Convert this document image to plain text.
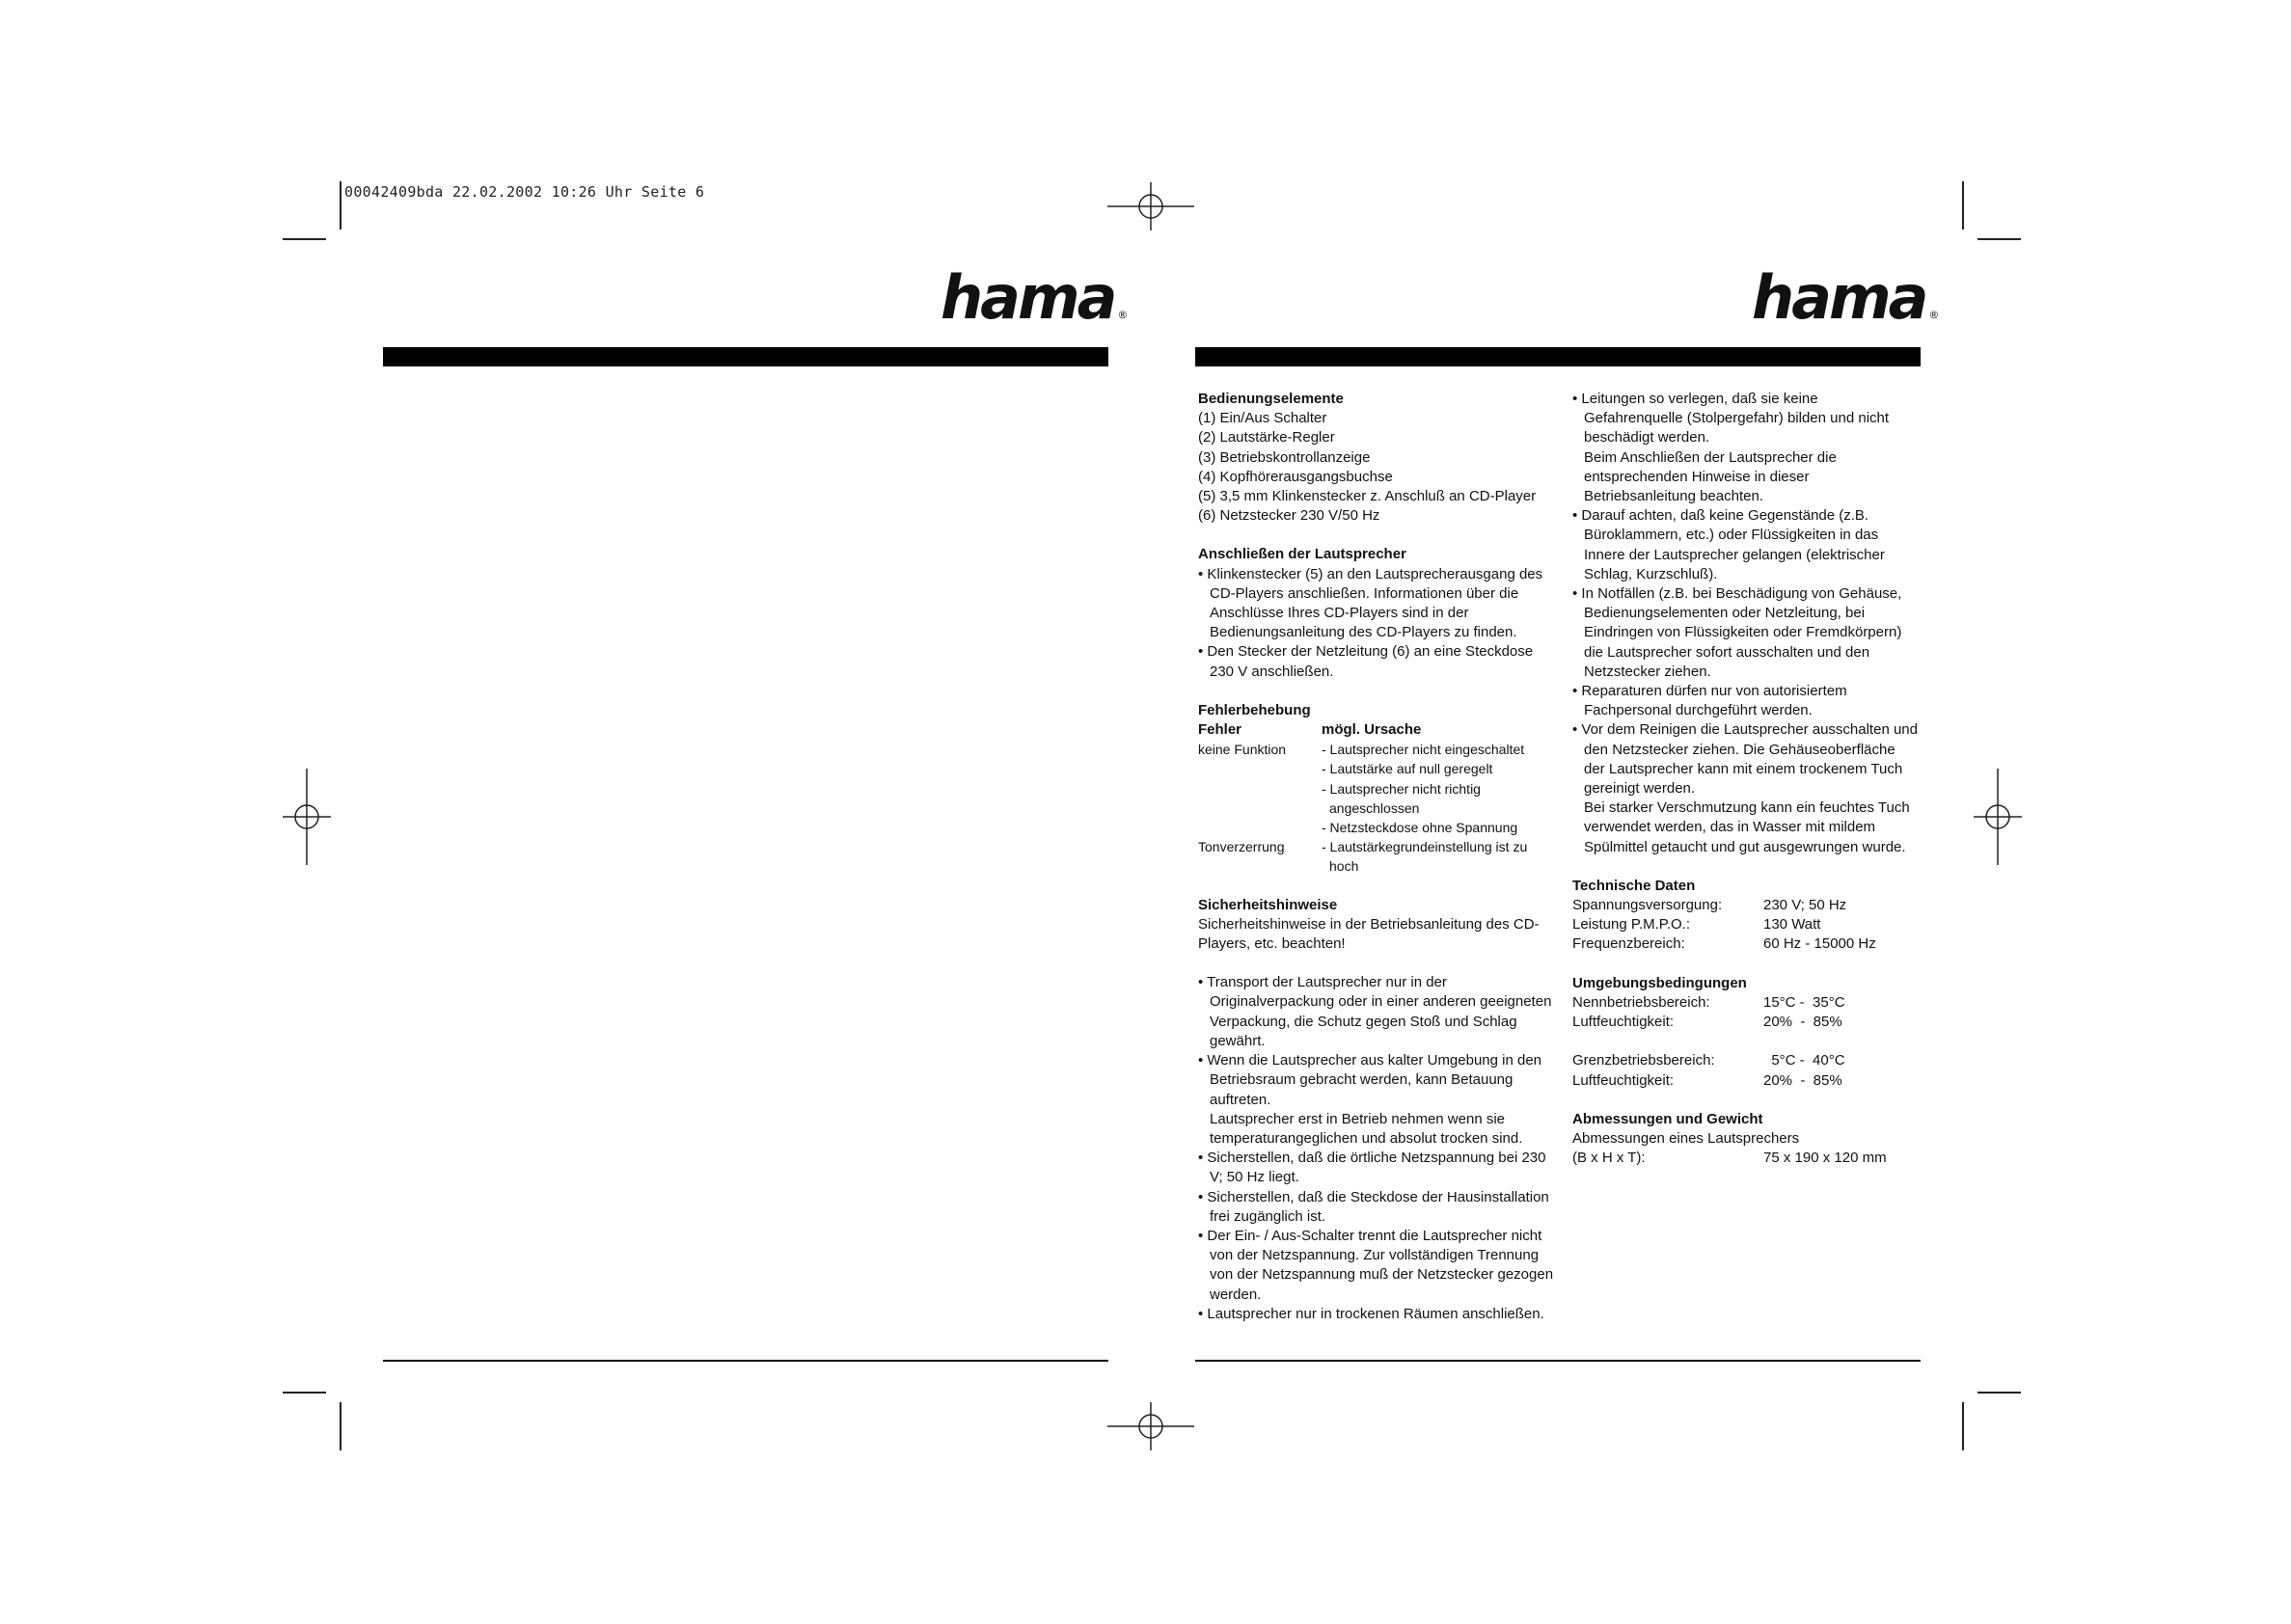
00042409bda 22.02.2002 10:26 Uhr Seite 6
hama ®	hama ®

Bedienungselemente

(1) Ein/Aus Schalter

(2) Lautstärke-Regler

(3) Betriebskontrollanzeige

(4) Kopfhörerausgangsbuchse

(5) 3,5 mm Klinkenstecker z. Anschluß an CD-Player

(6) Netzstecker 230 V/50 Hz

Anschließen der Lautsprecher

• Klinkenstecker (5) an den Lautsprecherausgang des CD-Players anschließen. Informationen über die Anschlüsse Ihres CD-Players sind in der Bedienungsanleitung des CD-Players zu finden.

• Den Stecker der Netzleitung (6) an eine Steckdose 230 V anschließen.

Fehlerbehebung

Fehler	mögl. Ursache
keine Funktion	- Lautsprecher nicht eingeschaltet

- Lautstärke auf null geregelt

- Lautsprecher nicht richtig angeschlossen

- Netzsteckdose ohne Spannung

Tonverzerrung	- Lautstärkegrundeinstellung ist zu hoch

Sicherheitshinweise

Sicherheitshinweise in der Betriebsanleitung des CD-Players, etc. beachten!

• Transport der Lautsprecher nur in der Originalverpackung oder in einer anderen geeigneten Verpackung, die Schutz gegen Stoß und Schlag gewährt.

• Wenn die Lautsprecher aus kalter Umgebung in den Betriebsraum gebracht werden, kann Betauung auftreten.

Lautsprecher erst in Betrieb nehmen wenn sie temperaturangeglichen und absolut trocken sind.

• Sicherstellen, daß die örtliche Netzspannung bei 230 V; 50 Hz liegt.

• Sicherstellen, daß die Steckdose der Hausinstallation frei zugänglich ist.

• Der Ein- / Aus-Schalter trennt die Lautsprecher nicht von der Netzspannung. Zur vollständigen Trennung von der Netzspannung muß der Netzstecker gezogen werden.

• Lautsprecher nur in trockenen Räumen anschließen.

• Leitungen so verlegen, daß sie keine Gefahrenquelle (Stolpergefahr) bilden und nicht beschädigt werden.

Beim Anschließen der Lautsprecher die entsprechenden Hinweise in dieser Betriebsanleitung beachten.

• Darauf achten, daß keine Gegenstände (z.B. Büroklammern, etc.) oder Flüssigkeiten in das Innere der Lautsprecher gelangen (elektrischer Schlag, Kurzschluß).

• In Notfällen (z.B. bei Beschädigung von Gehäuse, Bedienungselementen oder Netzleitung, bei Eindringen von Flüssigkeiten oder Fremdkörpern) die Lautsprecher sofort ausschalten und den Netzstecker ziehen.

• Reparaturen dürfen nur von autorisiertem Fachpersonal durchgeführt werden.

• Vor dem Reinigen die Lautsprecher ausschalten und den Netzstecker ziehen. Die Gehäuseoberfläche der Lautsprecher kann mit einem trockenem Tuch gereinigt werden.

Bei starker Verschmutzung kann ein feuchtes Tuch verwendet werden, das in Wasser mit mildem Spülmittel getaucht und gut ausgewrungen wurde.

Technische Daten

Spannungsversorgung:	230 V; 50 Hz
Leistung P.M.P.O.:	130 Watt
Frequenzbereich:	60 Hz - 15000 Hz

Umgebungsbedingungen

Nennbetriebsbereich:	15°C -  35°C
Luftfeuchtigkeit:	20%  -  85%
Grenzbetriebsbereich:	5°C -  40°C
Luftfeuchtigkeit:	20%  -  85%

Abmessungen und Gewicht

Abmessungen eines Lautsprechers

(B x H x T):	75 x 190 x 120 mm
